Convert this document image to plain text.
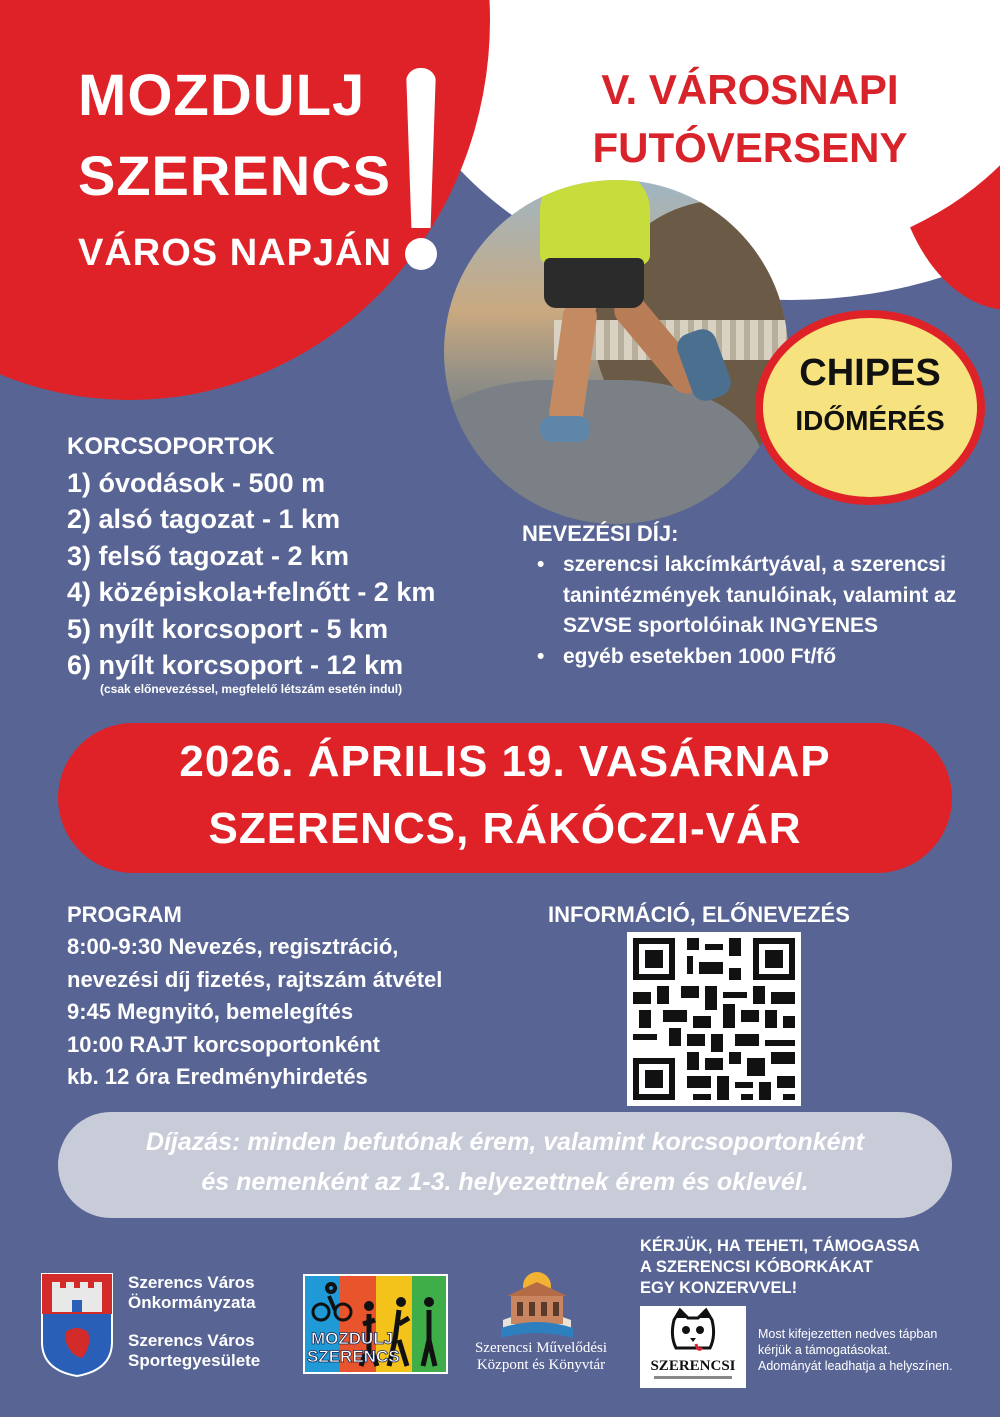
MOZDULJ
SZERENCS
VÁROS NAPJÁN
V. VÁROSNAPI
FUTÓVERSENY
CHIPES
IDŐMÉRÉS
KORCSOPORTOK
1) óvodások - 500 m
2) alsó tagozat - 1 km
3) felső tagozat - 2 km
4) középiskola+felnőtt - 2 km
5) nyílt korcsoport - 5 km
6) nyílt korcsoport - 12 km
(csak előnevezéssel, megfelelő létszám esetén indul)
NEVEZÉSI DÍJ:
• szerencsi lakcímkártyával, a szerencsi tanintézmények tanulóinak, valamint az SZVSE sportolóinak INGYENES
• egyéb esetekben 1000 Ft/fő
2026. ÁPRILIS 19. VASÁRNAP
SZERENCS, RÁKÓCZI-VÁR
PROGRAM
8:00-9:30 Nevezés, regisztráció,
nevezési díj fizetés, rajtszám átvétel
9:45 Megnyitó, bemelegítés
10:00 RAJT korcsoportonként
kb. 12 óra Eredményhirdetés
INFORMÁCIÓ, ELŐNEVEZÉS
Díjazás: minden befutónak érem, valamint korcsoportonként
és nemenként az 1-3. helyezettnek érem és oklevél.
Szerencs Város
Önkormányzata
Szerencs Város
Sportegyesülete
MOZDULJ
SZERENCS	Szerencsi Művelődési
Központ és Könyvtár
KÉRJÜK, HA TEHETI, TÁMOGASSA
A SZERENCSI KÓBORKÁKAT
EGY KONZERVVEL!
SZERENCSI
Most kifejezetten nedves tápban
kérjük a támogatásokat.
Adományát leadhatja a helyszínen.
